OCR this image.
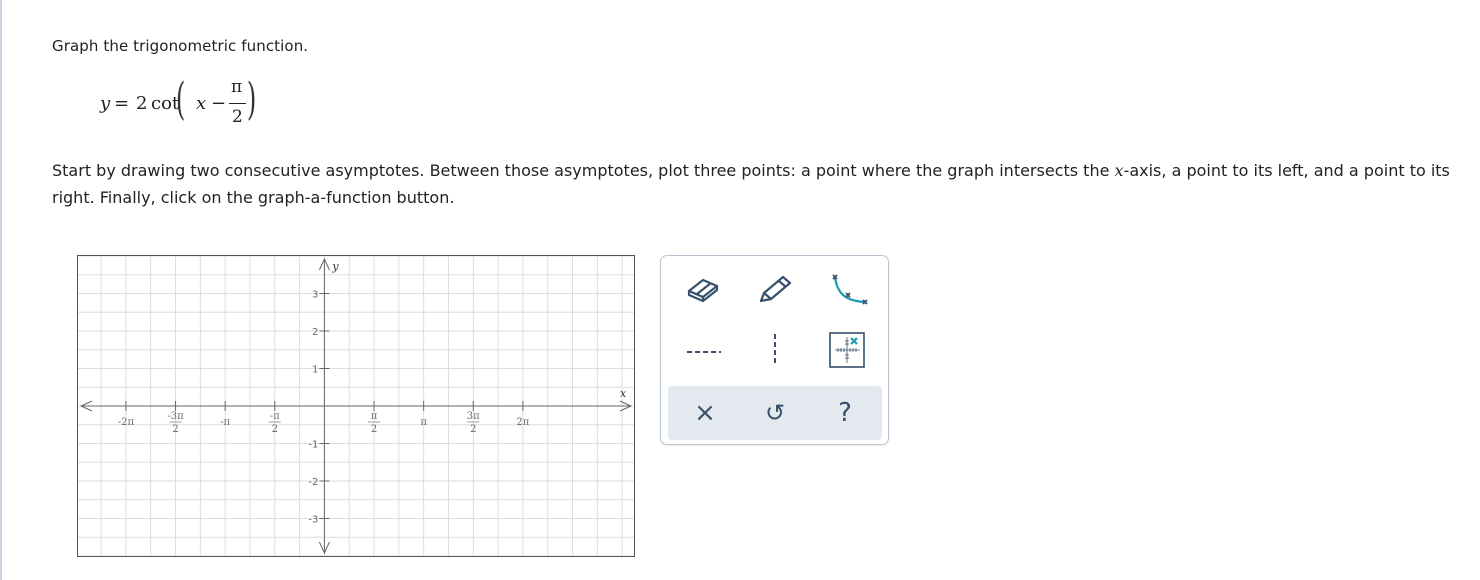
Graph the trigonometric function.
y = 2 cot
( x −
π
2 )
Start by drawing two consecutive asymptotes. Between those asymptotes, plot three points: a point where the graph intersects the x-axis, a point to its left, and a point to its right. Finally, click on the graph-a-function button.
x
y
-2π
-3π
2
-π
-π
2
π
2
π
3π
2
2π
3
2
1
-1
-2
-3
× ↺ ?
